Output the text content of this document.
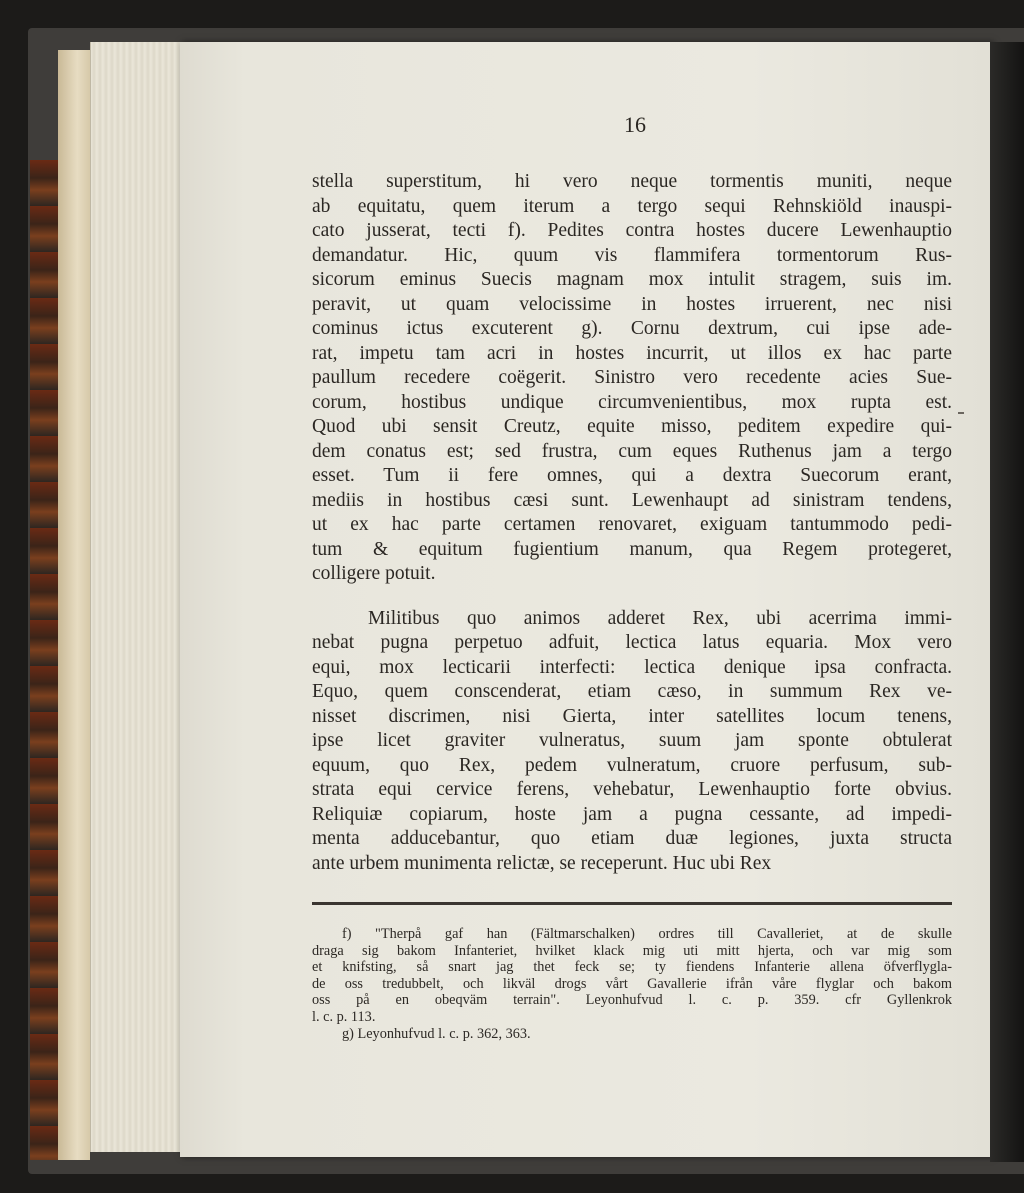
16
stella superstitum, hi vero neque tormentis muniti, neque
ab equitatu, quem iterum a tergo sequi Rehnskiöld inauspi-
cato jusserat, tecti f). Pedites contra hostes ducere Lewenhauptio
demandatur. Hic, quum vis flammifera tormentorum Rus-
sicorum eminus Suecis magnam mox intulit stragem, suis im.
peravit, ut quam velocissime in hostes irruerent, nec nisi
cominus ictus excuterent g). Cornu dextrum, cui ipse ade-
rat, impetu tam acri in hostes incurrit, ut illos ex hac parte
paullum recedere coëgerit. Sinistro vero recedente acies Sue-
corum, hostibus undique circumvenientibus, mox rupta est.
Quod ubi sensit Creutz, equite misso, peditem expedire qui-
dem conatus est; sed frustra, cum eques Ruthenus jam a tergo
esset. Tum ii fere omnes, qui a dextra Suecorum erant,
mediis in hostibus cæsi sunt. Lewenhaupt ad sinistram tendens,
ut ex hac parte certamen renovaret, exiguam tantummodo pedi-
tum & equitum fugientium manum, qua Regem protegeret,
colligere potuit.
Militibus quo animos adderet Rex, ubi acerrima immi-
nebat pugna perpetuo adfuit, lectica latus equaria. Mox vero
equi, mox lecticarii interfecti: lectica denique ipsa confracta.
Equo, quem conscenderat, etiam cæso, in summum Rex ve-
nisset discrimen, nisi Gierta, inter satellites locum tenens,
ipse licet graviter vulneratus, suum jam sponte obtulerat
equum, quo Rex, pedem vulneratum, cruore perfusum, sub-
strata equi cervice ferens, vehebatur, Lewenhauptio forte obvius.
Reliquiæ copiarum, hoste jam a pugna cessante, ad impedi-
menta adducebantur, quo etiam duæ legiones, juxta structa
ante urbem munimenta relictæ, se receperunt. Huc ubi Rex
f) "Therpå gaf han (Fältmarschalken) ordres till Cavalleriet, at de skulle
draga sig bakom Infanteriet, hvilket klack mig uti mitt hjerta, och var mig som
et knifsting, så snart jag thet feck se; ty fiendens Infanterie allena öfverflygla-
de oss tredubbelt, och likväl drogs vårt Gavallerie ifrån våre flyglar och bakom
oss på en obeqväm terrain". Leyonhufvud l. c. p. 359. cfr Gyllenkrok
l. c. p. 113.
g) Leyonhufvud l. c. p. 362, 363.
